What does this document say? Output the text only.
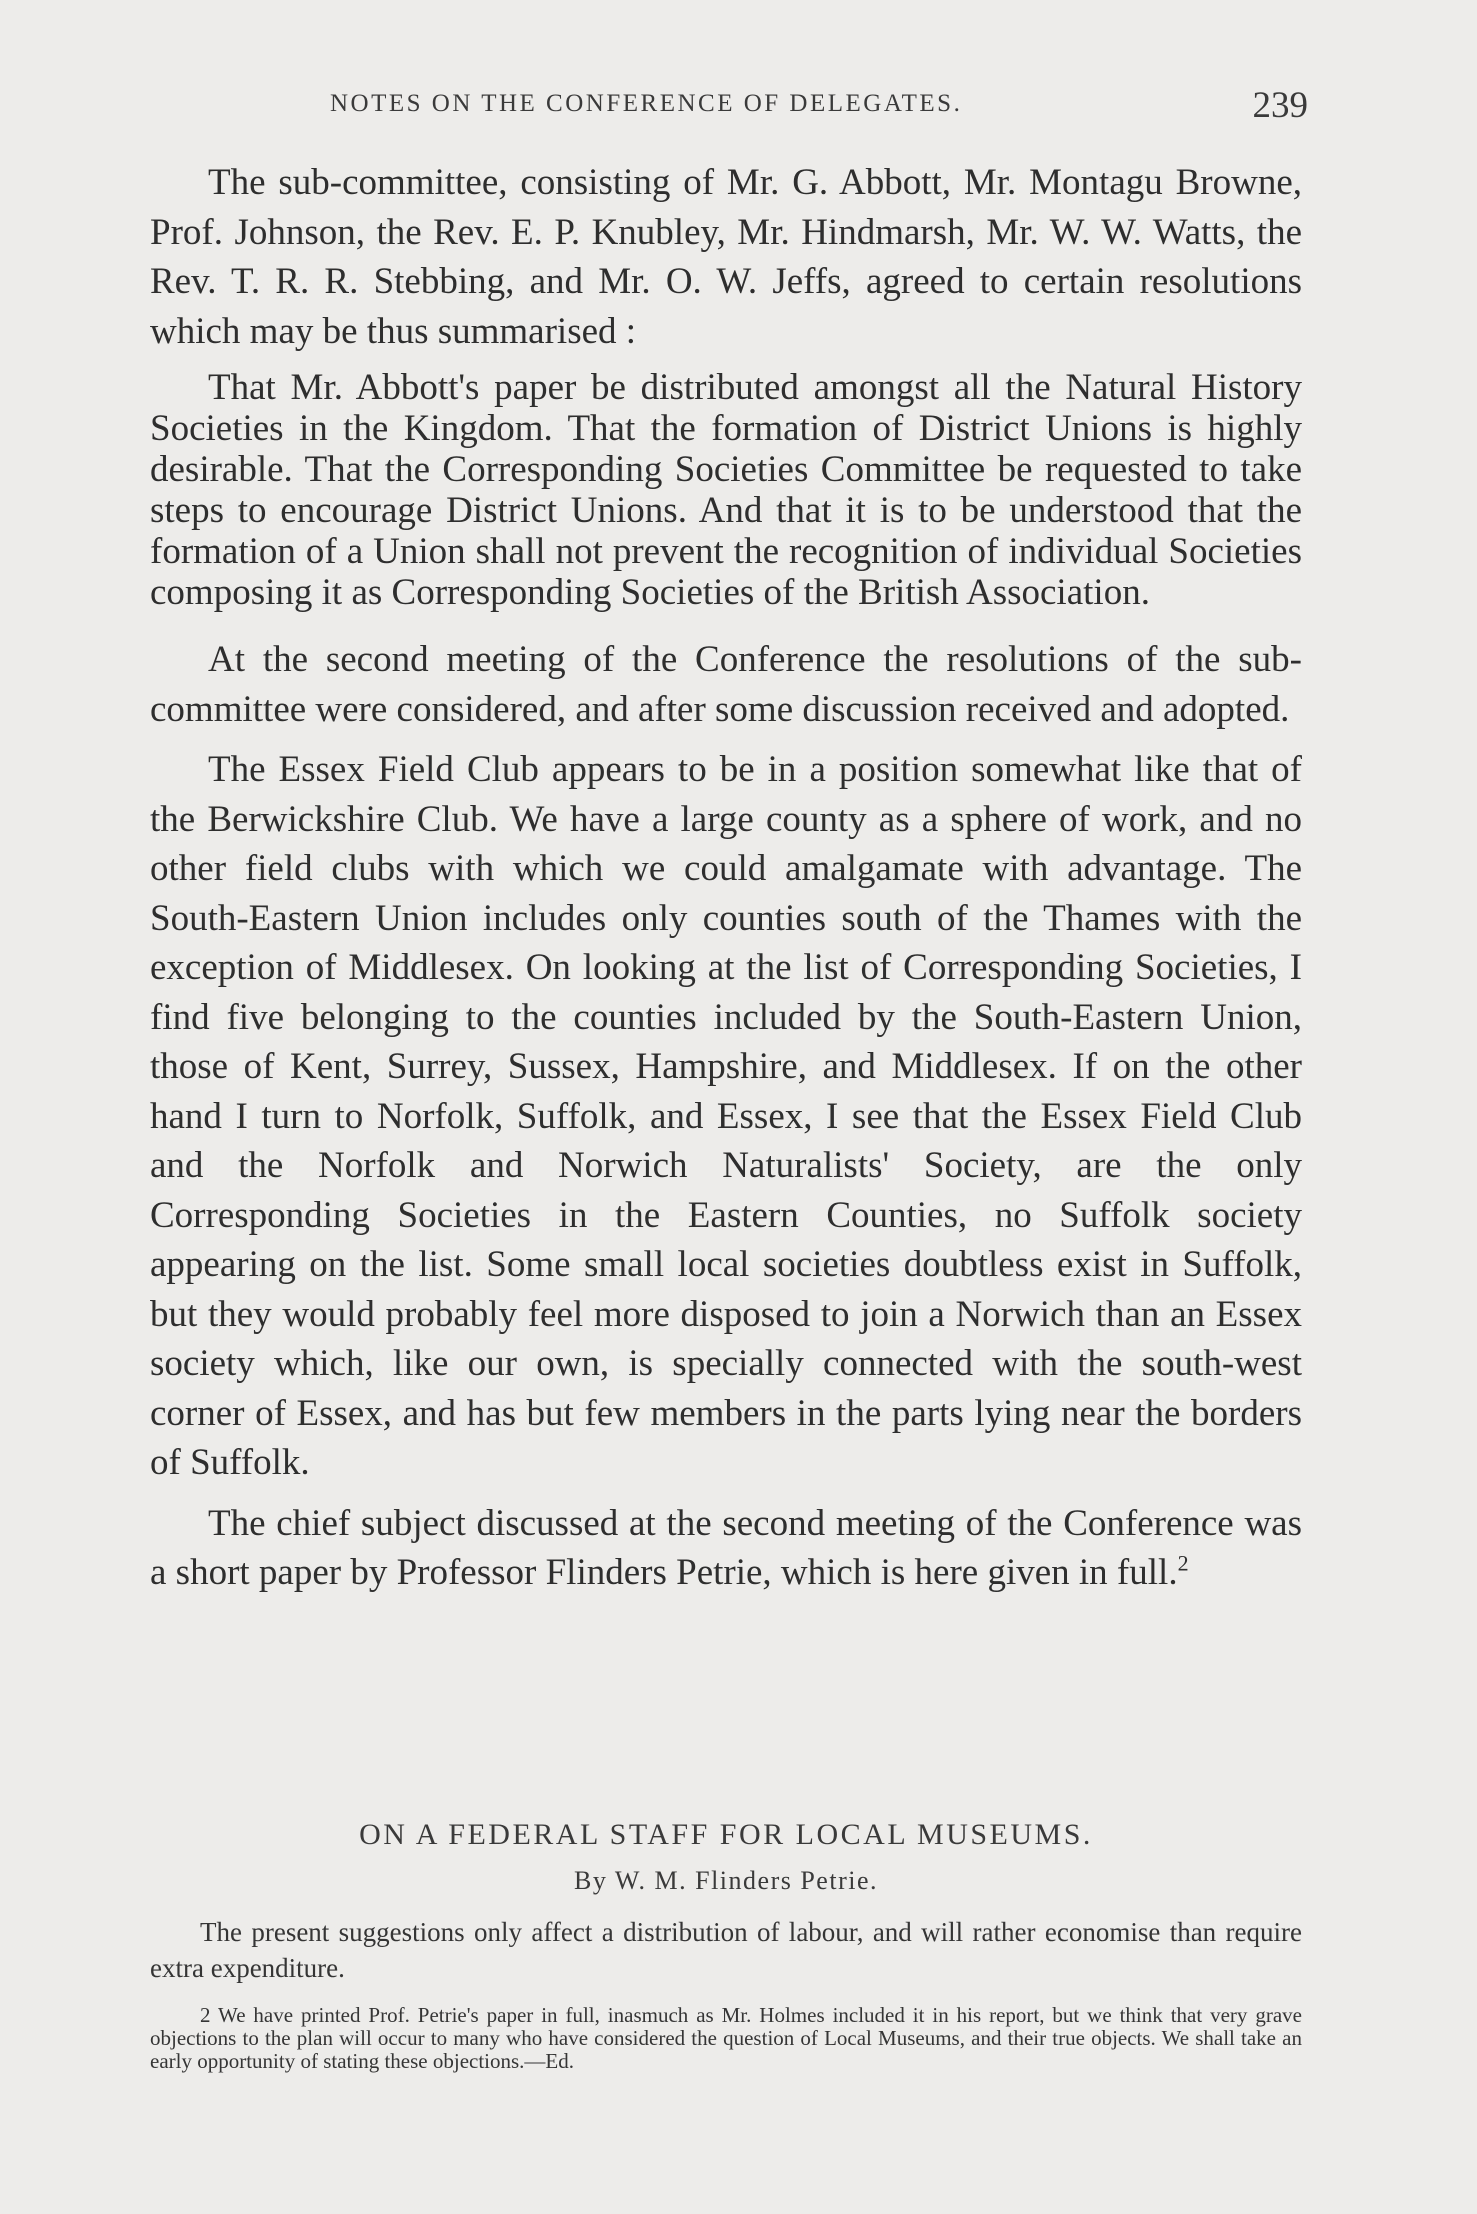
NOTES ON THE CONFERENCE OF DELEGATES.	239

The sub-committee, consisting of Mr. G. Abbott, Mr. Montagu Browne, Prof. Johnson, the Rev. E. P. Knubley, Mr. Hindmarsh, Mr. W. W. Watts, the Rev. T. R. R. Stebbing, and Mr. O. W. Jeffs, agreed to certain resolutions which may be thus summarised :

That Mr. Abbott's paper be distributed amongst all the Natural History Societies in the Kingdom. That the formation of District Unions is highly desirable. That the Corresponding Societies Committee be requested to take steps to encourage District Unions. And that it is to be understood that the formation of a Union shall not prevent the recognition of individual Societies composing it as Corresponding Societies of the British Association.

At the second meeting of the Conference the resolutions of the sub-committee were considered, and after some discussion received and adopted.

The Essex Field Club appears to be in a position somewhat like that of the Berwickshire Club. We have a large county as a sphere of work, and no other field clubs with which we could amalgamate with advantage. The South-Eastern Union includes only counties south of the Thames with the exception of Middlesex. On looking at the list of Corresponding Societies, I find five belonging to the counties included by the South-Eastern Union, those of Kent, Surrey, Sussex, Hampshire, and Middlesex. If on the other hand I turn to Norfolk, Suffolk, and Essex, I see that the Essex Field Club and the Norfolk and Norwich Naturalists' Society, are the only Corresponding Societies in the Eastern Counties, no Suffolk society appearing on the list. Some small local societies doubtless exist in Suffolk, but they would probably feel more disposed to join a Norwich than an Essex society which, like our own, is specially connected with the south-west corner of Essex, and has but few members in the parts lying near the borders of Suffolk.

The chief subject discussed at the second meeting of the Conference was a short paper by Professor Flinders Petrie, which is here given in full.$^2$

ON A FEDERAL STAFF FOR LOCAL MUSEUMS.
By W. M. Flinders Petrie.
The present suggestions only affect a distribution of labour, and will rather economise than require extra expenditure.
2 We have printed Prof. Petrie's paper in full, inasmuch as Mr. Holmes included it in his report, but we think that very grave objections to the plan will occur to many who have considered the question of Local Museums, and their true objects. We shall take an early opportunity of stating these objections.—Ed.
